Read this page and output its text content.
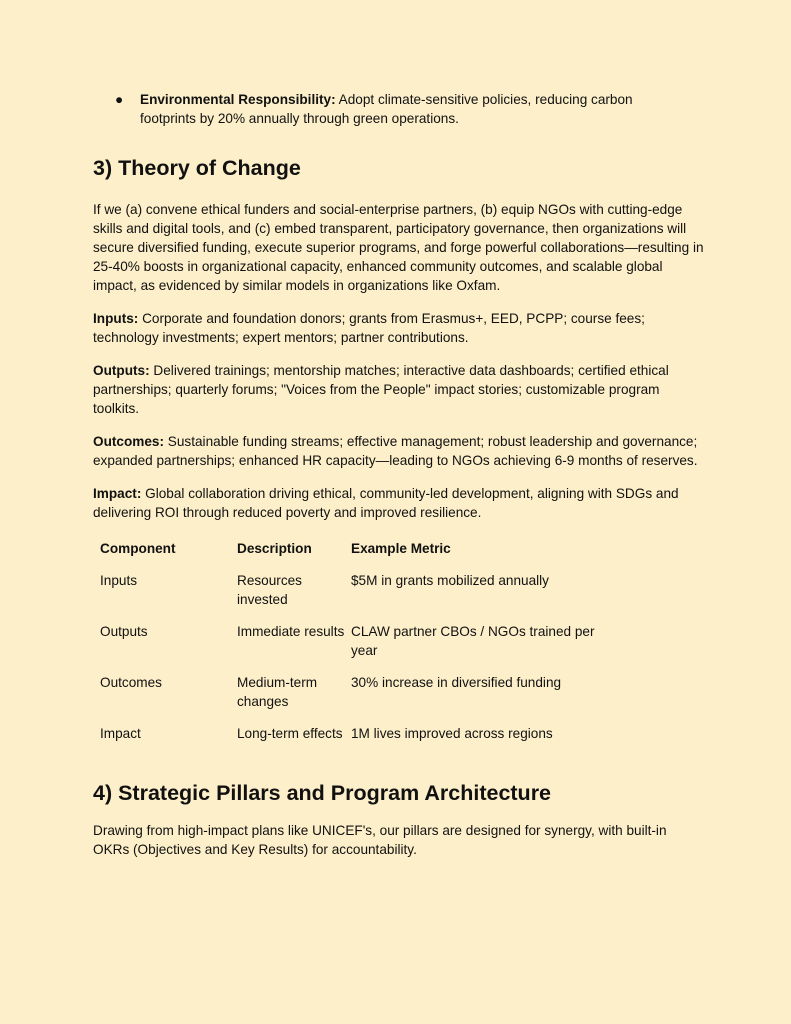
●	Environmental Responsibility: Adopt climate-sensitive policies, reducing carbon footprints by 20% annually through green operations.
3) Theory of Change

If we (a) convene ethical funders and social-enterprise partners, (b) equip NGOs with cutting-edge skills and digital tools, and (c) embed transparent, participatory governance, then organizations will secure diversified funding, execute superior programs, and forge powerful collaborations—resulting in 25-40% boosts in organizational capacity, enhanced community outcomes, and scalable global impact, as evidenced by similar models in organizations like Oxfam.

Inputs: Corporate and foundation donors; grants from Erasmus+, EED, PCPP; course fees; technology investments; expert mentors; partner contributions.

Outputs: Delivered trainings; mentorship matches; interactive data dashboards; certified ethical partnerships; quarterly forums; "Voices from the People" impact stories; customizable program toolkits.

Outcomes: Sustainable funding streams; effective management; robust leadership and governance; expanded partnerships; enhanced HR capacity—leading to NGOs achieving 6-9 months of reserves.

Impact: Global collaboration driving ethical, community-led development, aligning with SDGs and delivering ROI through reduced poverty and improved resilience.

Component	Description	Example Metric
Inputs	Resources invested	$5M in grants mobilized annually
Outputs	Immediate results	CLAW partner CBOs / NGOs trained per year
Outcomes	Medium-term changes	30% increase in diversified funding
Impact	Long-term effects	1M lives improved across regions
4) Strategic Pillars and Program Architecture

Drawing from high-impact plans like UNICEF's, our pillars are designed for synergy, with built-in OKRs (Objectives and Key Results) for accountability.
